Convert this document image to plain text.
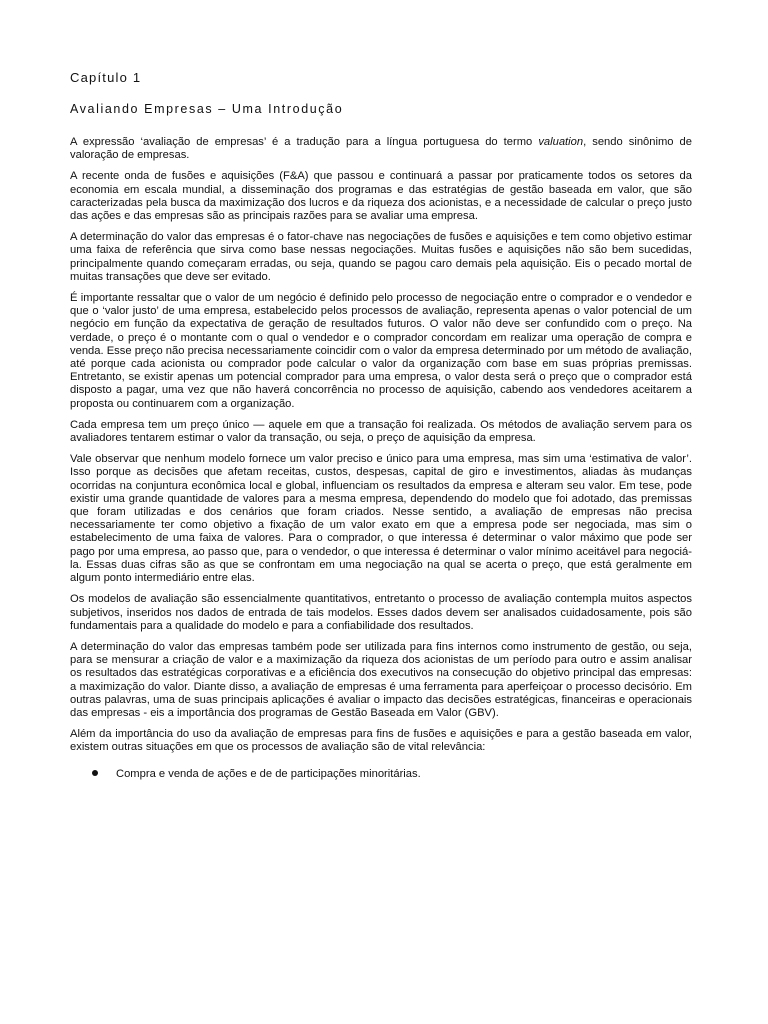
Capítulo 1
Avaliando Empresas – Uma Introdução

A expressão ‘avaliação de empresas’ é a tradução para a língua portuguesa do termo valuation, sendo sinônimo de valoração de empresas.

A recente onda de fusões e aquisições (F&A) que passou e continuará a passar por praticamente todos os setores da economia em escala mundial, a disseminação dos programas e das estratégias de gestão baseada em valor, que são caracterizadas pela busca da maximização dos lucros e da riqueza dos acionistas, e a necessidade de calcular o preço justo das ações e das empresas são as principais razões para se avaliar uma empresa.

A determinação do valor das empresas é o fator-chave nas negociações de fusões e aquisições e tem como objetivo estimar uma faixa de referência que sirva como base nessas negociações. Muitas fusões e aquisições não são bem sucedidas, principalmente quando começaram erradas, ou seja, quando se pagou caro demais pela aquisição. Eis o pecado mortal de muitas transações que deve ser evitado.

É importante ressaltar que o valor de um negócio é definido pelo processo de negociação entre o comprador e o vendedor e que o ‘valor justo’ de uma empresa, estabelecido pelos processos de avaliação, representa apenas o valor potencial de um negócio em função da expectativa de geração de resultados futuros. O valor não deve ser confundido com o preço. Na verdade, o preço é o montante com o qual o vendedor e o comprador concordam em realizar uma operação de compra e venda. Esse preço não precisa necessariamente coincidir com o valor da empresa determinado por um método de avaliação, até porque cada acionista ou comprador pode calcular o valor da organização com base em suas próprias premissas. Entretanto, se existir apenas um potencial comprador para uma empresa, o valor desta será o preço que o comprador está disposto a pagar, uma vez que não haverá concorrência no processo de aquisição, cabendo aos vendedores aceitarem a proposta ou continuarem com a organização.

Cada empresa tem um preço único — aquele em que a transação foi realizada. Os métodos de avaliação servem para os avaliadores tentarem estimar o valor da transação, ou seja, o preço de aquisição da empresa.

Vale observar que nenhum modelo fornece um valor preciso e único para uma empresa, mas sim uma ‘estimativa de valor’. Isso porque as decisões que afetam receitas, custos, despesas, capital de giro e investimentos, aliadas às mudanças ocorridas na conjuntura econômica local e global, influenciam os resultados da empresa e alteram seu valor. Em tese, pode existir uma grande quantidade de valores para a mesma empresa, dependendo do modelo que foi adotado, das premissas que foram utilizadas e dos cenários que foram criados. Nesse sentido, a avaliação de empresas não precisa necessariamente ter como objetivo a fixação de um valor exato em que a empresa pode ser negociada, mas sim o estabelecimento de uma faixa de valores. Para o comprador, o que interessa é determinar o valor máximo que pode ser pago por uma empresa, ao passo que, para o vendedor, o que interessa é determinar o valor mínimo aceitável para negociá-la. Essas duas cifras são as que se confrontam em uma negociação na qual se acerta o preço, que está geralmente em algum ponto intermediário entre elas.

Os modelos de avaliação são essencialmente quantitativos, entretanto o processo de avaliação contempla muitos aspectos subjetivos, inseridos nos dados de entrada de tais modelos. Esses dados devem ser analisados cuidadosamente, pois são fundamentais para a qualidade do modelo e para a confiabilidade dos resultados.

A determinação do valor das empresas também pode ser utilizada para fins internos como instrumento de gestão, ou seja, para se mensurar a criação de valor e a maximização da riqueza dos acionistas de um período para outro e assim analisar os resultados das estratégicas corporativas e a eficiência dos executivos na consecução do objetivo principal das empresas: a maximização do valor. Diante disso, a avaliação de empresas é uma ferramenta para aperfeiçoar o processo decisório. Em outras palavras, uma de suas principais aplicações é avaliar o impacto das decisões estratégicas, financeiras e operacionais das empresas - eis a importância dos programas de Gestão Baseada em Valor (GBV).

Além da importância do uso da avaliação de empresas para fins de fusões e aquisições e para a gestão baseada em valor, existem outras situações em que os processos de avaliação são de vital relevância:

Compra e venda de ações e de de participações minoritárias.
